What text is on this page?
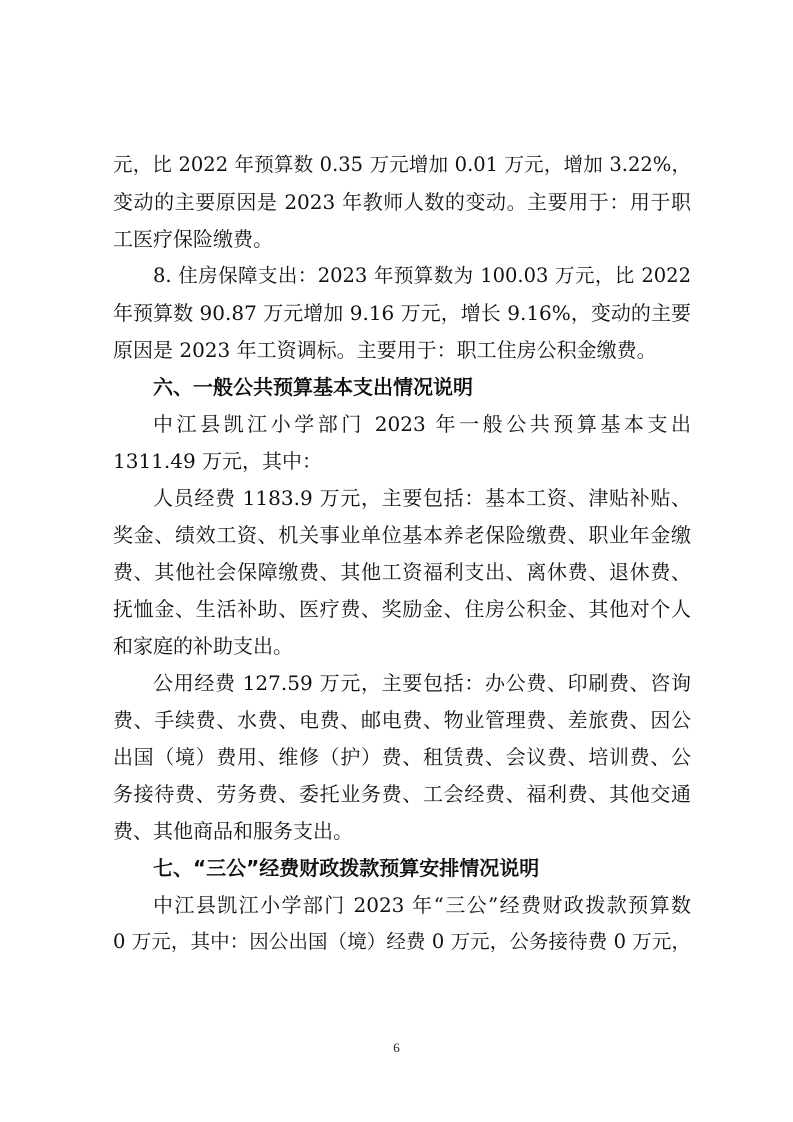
元，比 2022 年预算数 0.35 万元增加 0.01 万元，增加 3.22%，
变动的主要原因是 2023 年教师人数的变动。主要用于：用于职
工医疗保险缴费。
8. 住房保障支出：2023 年预算数为 100.03 万元，比 2022
年预算数 90.87 万元增加 9.16 万元，增长 9.16%，变动的主要
原因是 2023 年工资调标。主要用于：职工住房公积金缴费。
六、一般公共预算基本支出情况说明
中江县凯江小学部门 2023 年一般公共预算基本支出
1311.49 万元，其中：
人员经费 1183.9 万元，主要包括：基本工资、津贴补贴、
奖金、绩效工资、机关事业单位基本养老保险缴费、职业年金缴
费、其他社会保障缴费、其他工资福利支出、离休费、退休费、
抚恤金、生活补助、医疗费、奖励金、住房公积金、其他对个人
和家庭的补助支出。
公用经费 127.59 万元，主要包括：办公费、印刷费、咨询
费、手续费、水费、电费、邮电费、物业管理费、差旅费、因公
出国（境）费用、维修（护）费、租赁费、会议费、培训费、公
务接待费、劳务费、委托业务费、工会经费、福利费、其他交通
费、其他商品和服务支出。
七、“三公”经费财政拨款预算安排情况说明
中江县凯江小学部门 2023 年“三公”经费财政拨款预算数
0 万元，其中：因公出国（境）经费 0 万元，公务接待费 0 万元，
6
